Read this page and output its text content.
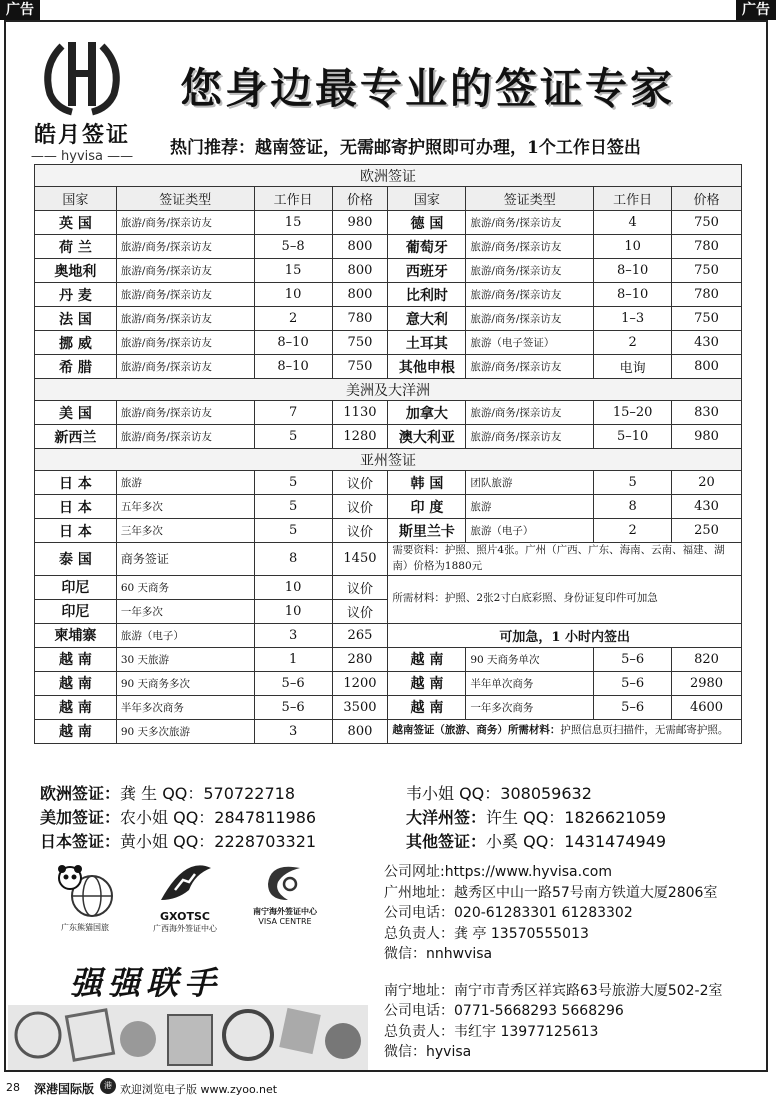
广告	广告
皓月签证
—— hyvisa ——
您身边最专业的签证专家
热门推荐：越南签证，无需邮寄护照即可办理，1个工作日签出
欧洲签证							
国家	签证类型	工作日	价格	国家	签证类型	工作日	价格
英 国	旅游/商务/探亲访友	15	980	德 国	旅游/商务/探亲访友	4	750
荷 兰	旅游/商务/探亲访友	5–8	800	葡萄牙	旅游/商务/探亲访友	10	780
奥地利	旅游/商务/探亲访友	15	800	西班牙	旅游/商务/探亲访友	8–10	750
丹 麦	旅游/商务/探亲访友	10	800	比利时	旅游/商务/探亲访友	8–10	780
法 国	旅游/商务/探亲访友	2	780	意大利	旅游/商务/探亲访友	1–3	750
挪 威	旅游/商务/探亲访友	8–10	750	土耳其	旅游（电子签证）	2	430
希 腊	旅游/商务/探亲访友	8–10	750	其他申根	旅游/商务/探亲访友	电询	800
美洲及大洋洲							
美 国	旅游/商务/探亲访友	7	1130	加拿大	旅游/商务/探亲访友	15–20	830
新西兰	旅游/商务/探亲访友	5	1280	澳大利亚	旅游/商务/探亲访友	5–10	980
亚州签证							
日 本	旅游	5	议价	韩 国	团队旅游	5	20
日 本	五年多次	5	议价	印 度	旅游	8	430
日 本	三年多次	5	议价	斯里兰卡	旅游（电子）	2	250
泰 国	商务签证	8	1450	需要资料：护照、照片4张。广州（广西、广东、海南、云南、福建、湖南）价格为1880元			
印尼	60 天商务	10	议价	所需材料：护照、2张2寸白底彩照、身份证复印件可加急			
印尼	一年多次	10	议价				
柬埔寨	旅游（电子）	3	265	可加急，1 小时内签出			
越 南	30 天旅游	1	280	越 南	90 天商务单次	5–6	820
越 南	90 天商务多次	5–6	1200	越 南	半年单次商务	5–6	2980
越 南	半年多次商务	5–6	3500	越 南	一年多次商务	5–6	4600
越 南	90 天多次旅游	3	800	越南签证（旅游、商务）所需材料：护照信息页扫描件，无需邮寄护照。			
欧洲签证：龚 生 QQ：570722718	韦小姐 QQ：308059632
美加签证：农小姐 QQ：2847811986	大洋州签：许生 QQ：1826621059
日本签证：黄小姐 QQ：2228703321	其他签证：小奚 QQ：1431474949
广东熊猫国旅
GXOTSC
广西海外签证中心
南宁海外签证中心
VISA CENTRE
强强联手
公司网址:https://www.hyvisa.com
广州地址：越秀区中山一路57号南方铁道大厦2806室
公司电话：020-61283301 61283302
总负责人：龚 亭 13570555013
微信：nnhwvisa
南宁地址：南宁市青秀区祥宾路63号旅游大厦502-2室
公司电话：0771-5668293 5668296
总负责人：韦红宇 13977125613
微信：hyvisa
28 深港国际版	港 欢迎浏览电子版 www.zyoo.net
